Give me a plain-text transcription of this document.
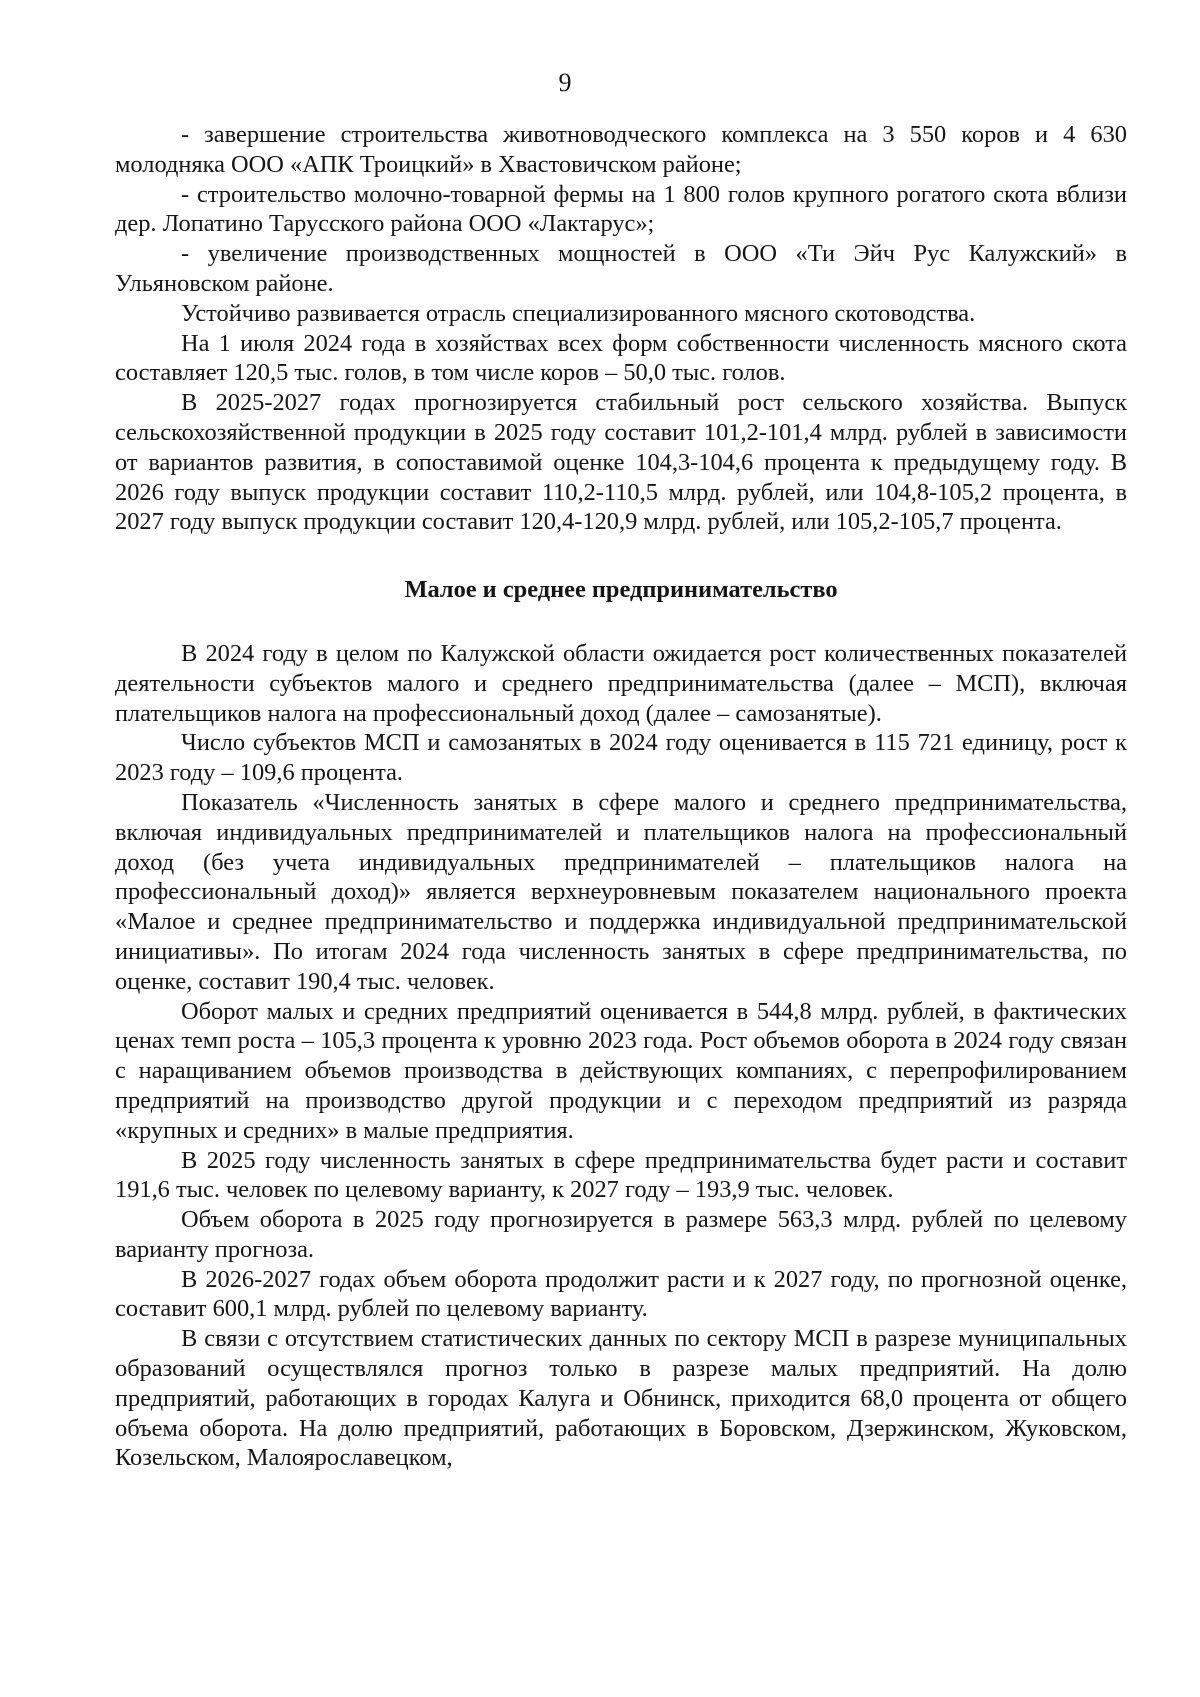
9

- завершение строительства животноводческого комплекса на 3 550 коров и 4 630 молодняка ООО «АПК Троицкий» в Хвастовичском районе;

- строительство молочно-товарной фермы на 1 800 голов крупного рогатого скота вблизи дер. Лопатино Тарусского района ООО «Лактарус»;

- увеличение производственных мощностей в ООО «Ти Эйч Рус Калужский» в Ульяновском районе.

Устойчиво развивается отрасль специализированного мясного скотоводства.

На 1 июля 2024 года в хозяйствах всех форм собственности численность мясного скота составляет 120,5 тыс. голов, в том числе коров – 50,0 тыс. голов.

В 2025-2027 годах прогнозируется стабильный рост сельского хозяйства. Выпуск сельскохозяйственной продукции в 2025 году составит 101,2-101,4 млрд. рублей в зависимости от вариантов развития, в сопоставимой оценке 104,3-104,6 процента к предыдущему году. В 2026 году выпуск продукции составит 110,2-110,5 млрд. рублей, или 104,8-105,2 процента, в 2027 году выпуск продукции составит 120,4-120,9 млрд. рублей, или 105,2-105,7 процента.

Малое и среднее предпринимательство

В 2024 году в целом по Калужской области ожидается рост количественных показателей деятельности субъектов малого и среднего предпринимательства (далее – МСП), включая плательщиков налога на профессиональный доход (далее – самозанятые).

Число субъектов МСП и самозанятых в 2024 году оценивается в 115 721 единицу, рост к 2023 году – 109,6 процента.

Показатель «Численность занятых в сфере малого и среднего предпринимательства, включая индивидуальных предпринимателей и плательщиков налога на профессиональный доход (без учета индивидуальных предпринимателей – плательщиков налога на профессиональный доход)» является верхнеуровневым показателем национального проекта «Малое и среднее предпринимательство и поддержка индивидуальной предпринимательской инициативы». По итогам 2024 года численность занятых в сфере предпринимательства, по оценке, составит 190,4 тыс. человек.

Оборот малых и средних предприятий оценивается в 544,8 млрд. рублей, в фактических ценах темп роста – 105,3 процента к уровню 2023 года. Рост объемов оборота в 2024 году связан с наращиванием объемов производства в действующих компаниях, с перепрофилированием предприятий на производство другой продукции и с переходом предприятий из разряда «крупных и средних» в малые предприятия.

В 2025 году численность занятых в сфере предпринимательства будет расти и составит 191,6 тыс. человек по целевому варианту, к 2027 году – 193,9 тыс. человек.

Объем оборота в 2025 году прогнозируется в размере 563,3 млрд. рублей по целевому варианту прогноза.

В 2026-2027 годах объем оборота продолжит расти и к 2027 году, по прогнозной оценке, составит 600,1 млрд. рублей по целевому варианту.

В связи с отсутствием статистических данных по сектору МСП в разрезе муниципальных образований осуществлялся прогноз только в разрезе малых предприятий. На долю предприятий, работающих в городах Калуга и Обнинск, приходится 68,0 процента от общего объема оборота. На долю предприятий, работающих в Боровском, Дзержинском, Жуковском, Козельском, Малоярославецком,
